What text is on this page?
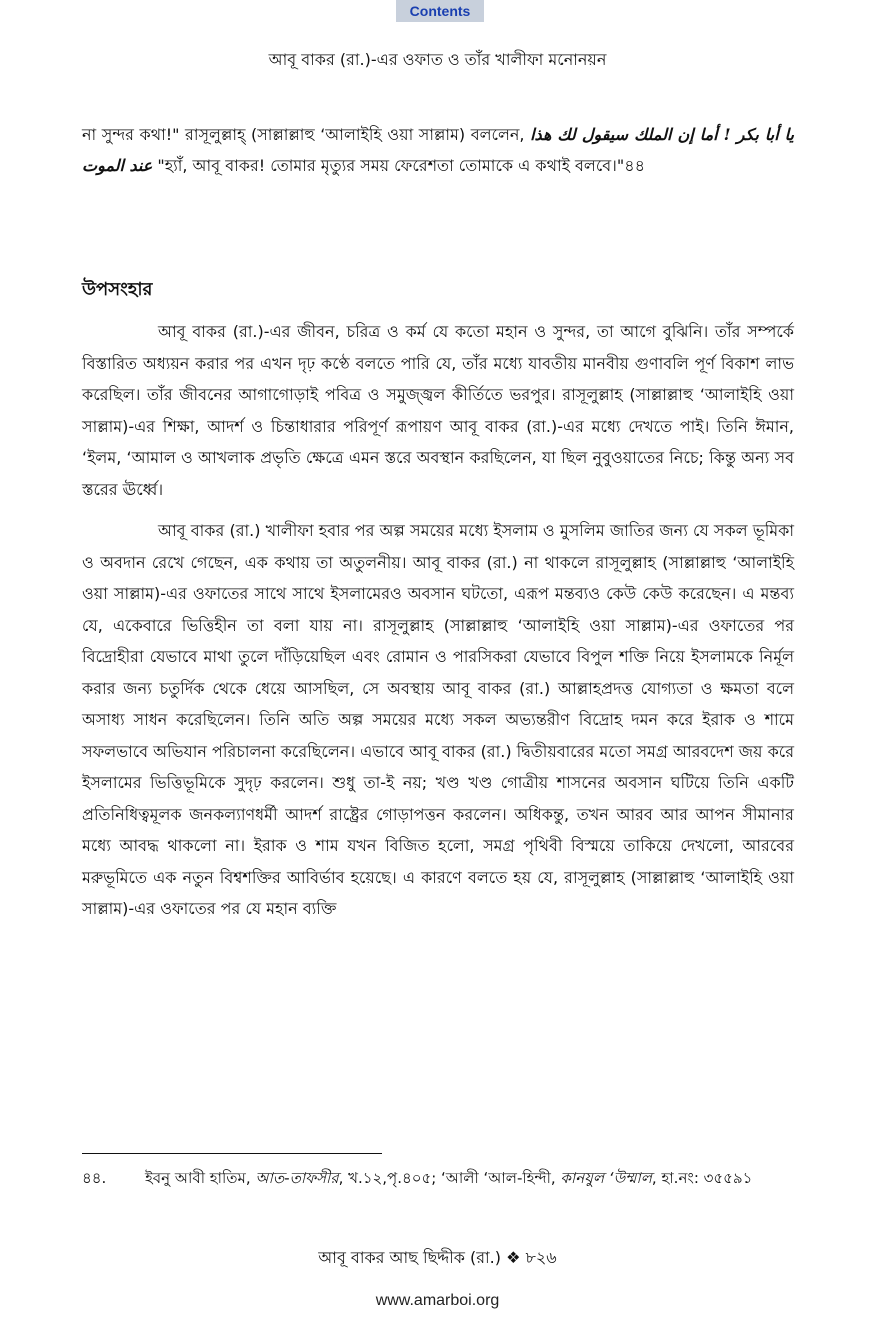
Contents
আবূ বাকর (রা.)-এর ওফাত ও তাঁর খালীফা মনোনয়ন

না সুন্দর কথা!" রাসূলুল্লাহ্ (সাল্লাল্লাহু ‘আলাইহি ওয়া সাল্লাম) বললেন, يا أبا بكر ! أما إن الملك سيقول لك هذا عند الموت "হ্যাঁ, আবূ বাকর! তোমার মৃত্যুর সময় ফেরেশতা তোমাকে এ কথাই বলবে।"৪৪

উপসংহার

আবূ বাকর (রা.)-এর জীবন, চরিত্র ও কর্ম যে কতো মহান ও সুন্দর, তা আগে বুঝিনি। তাঁর সম্পর্কে বিস্তারিত অধ্যয়ন করার পর এখন দৃঢ় কণ্ঠে বলতে পারি যে, তাঁর মধ্যে যাবতীয় মানবীয় গুণাবলি পূর্ণ বিকাশ লাভ করেছিল। তাঁর জীবনের আগাগোড়াই পবিত্র ও সমুজ্জ্বল কীর্তিতে ভরপুর। রাসূলুল্লাহ (সাল্লাল্লাহু ‘আলাইহি ওয়া সাল্লাম)-এর শিক্ষা, আদর্শ ও চিন্তাধারার পরিপূর্ণ রূপায়ণ আবূ বাকর (রা.)-এর মধ্যে দেখতে পাই। তিনি ঈমান, ‘ইলম, ‘আমাল ও আখলাক প্রভৃতি ক্ষেত্রে এমন স্তরে অবস্থান করছিলেন, যা ছিল নুবুওয়াতের নিচে; কিন্তু অন্য সব স্তরের ঊর্ধ্বে।

আবূ বাকর (রা.) খালীফা হবার পর অল্প সময়ের মধ্যে ইসলাম ও মুসলিম জাতির জন্য যে সকল ভূমিকা ও অবদান রেখে গেছেন, এক কথায় তা অতুলনীয়। আবূ বাকর (রা.) না থাকলে রাসূলুল্লাহ (সাল্লাল্লাহু ‘আলাইহি ওয়া সাল্লাম)-এর ওফাতের সাথে সাথে ইসলামেরও অবসান ঘটতো, এরূপ মন্তব্যও কেউ কেউ করেছেন। এ মন্তব্য যে, একেবারে ভিত্তিহীন তা বলা যায় না। রাসূলুল্লাহ (সাল্লাল্লাহু ‘আলাইহি ওয়া সাল্লাম)-এর ওফাতের পর বিদ্রোহীরা যেভাবে মাথা তুলে দাঁড়িয়েছিল এবং রোমান ও পারসিকরা যেভাবে বিপুল শক্তি নিয়ে ইসলামকে নির্মূল করার জন্য চতুর্দিক থেকে ধেয়ে আসছিল, সে অবস্থায় আবূ বাকর (রা.) আল্লাহপ্রদত্ত যোগ্যতা ও ক্ষমতা বলে অসাধ্য সাধন করেছিলেন। তিনি অতি অল্প সময়ের মধ্যে সকল অভ্যন্তরীণ বিদ্রোহ দমন করে ইরাক ও শামে সফলভাবে অভিযান পরিচালনা করেছিলেন। এভাবে আবূ বাকর (রা.) দ্বিতীয়বারের মতো সমগ্র আরবদেশ জয় করে ইসলামের ভিত্তিভূমিকে সুদৃঢ় করলেন। শুধু তা-ই নয়; খণ্ড খণ্ড গোত্রীয় শাসনের অবসান ঘটিয়ে তিনি একটি প্রতিনিধিত্বমূলক জনকল্যাণধর্মী আদর্শ রাষ্ট্রের গোড়াপত্তন করলেন। অধিকন্তু, তখন আরব আর আপন সীমানার মধ্যে আবদ্ধ থাকলো না। ইরাক ও শাম যখন বিজিত হলো, সমগ্র পৃথিবী বিস্ময়ে তাকিয়ে দেখলো, আরবের মরুভূমিতে এক নতুন বিশ্বশক্তির আবির্ভাব হয়েছে। এ কারণে বলতে হয় যে, রাসূলুল্লাহ (সাল্লাল্লাহু ‘আলাইহি ওয়া সাল্লাম)-এর ওফাতের পর যে মহান ব্যক্তি

৪৪.	ইবনু আবী হাতিম, আত-তাফসীর, খ.১২,পৃ.৪০৫; ‘আলী ‘আল-হিন্দী, কানযুল ‘উম্মাল, হা.নং: ৩৫৫৯১
আবূ বাকর আছ ছিদ্দীক (রা.) ❖ ৮২৬
www.amarboi.org
